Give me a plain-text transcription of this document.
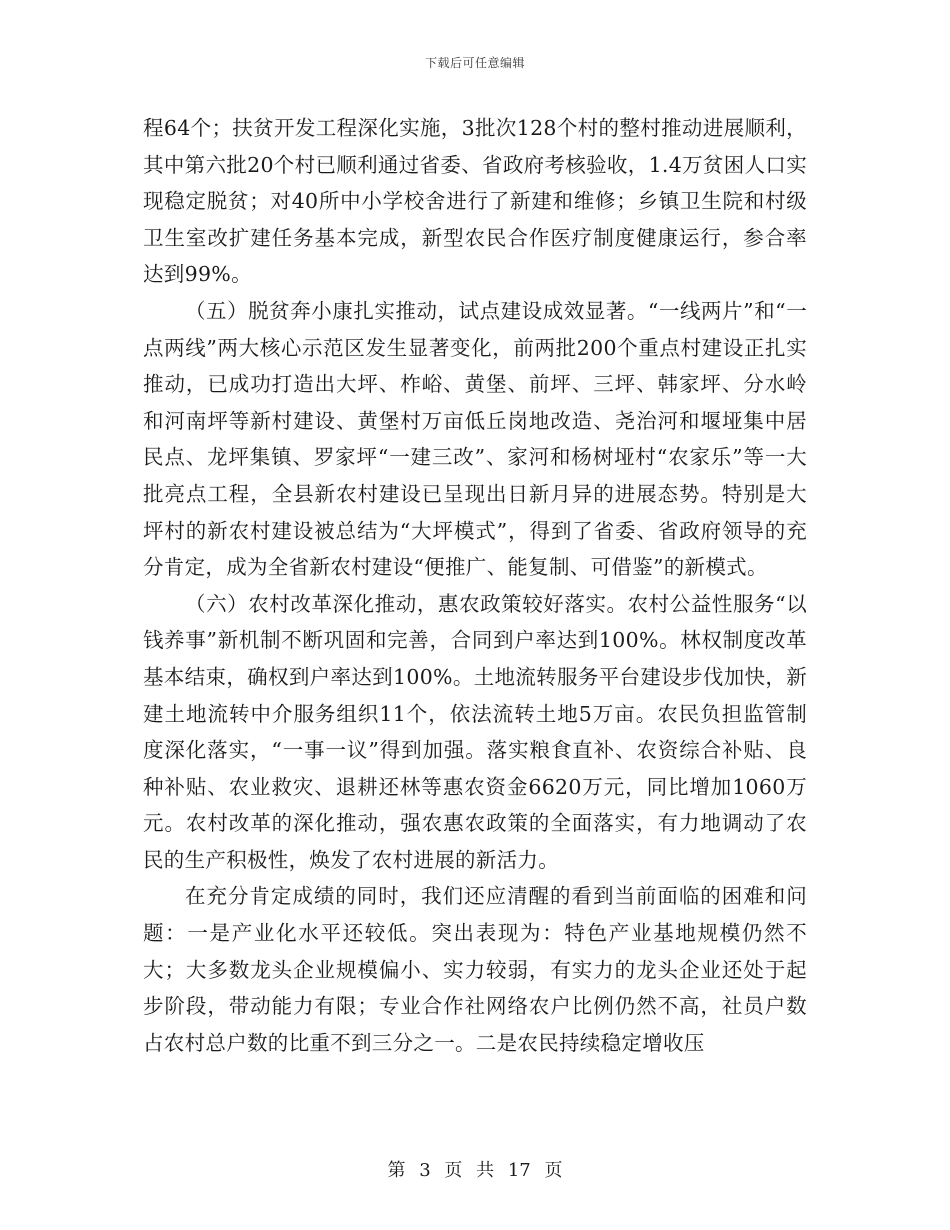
下载后可任意编辑

程64个；扶贫开发工程深化实施，3批次128个村的整村推动进展顺利，其中第六批20个村已顺利通过省委、省政府考核验收，1.4万贫困人口实现稳定脱贫；对40所中小学校舍进行了新建和维修；乡镇卫生院和村级卫生室改扩建任务基本完成，新型农民合作医疗制度健康运行，参合率达到99%。

（五）脱贫奔小康扎实推动，试点建设成效显著。“一线两片”和“一点两线”两大核心示范区发生显著变化，前两批200个重点村建设正扎实推动，已成功打造出大坪、柞峪、黄堡、前坪、三坪、韩家坪、分水岭和河南坪等新村建设、黄堡村万亩低丘岗地改造、尧治河和堰垭集中居民点、龙坪集镇、罗家坪“一建三改”、家河和杨树垭村“农家乐”等一大批亮点工程，全县新农村建设已呈现出日新月异的进展态势。特别是大坪村的新农村建设被总结为“大坪模式”，得到了省委、省政府领导的充分肯定，成为全省新农村建设“便推广、能复制、可借鉴”的新模式。

（六）农村改革深化推动，惠农政策较好落实。农村公益性服务“以钱养事”新机制不断巩固和完善，合同到户率达到100%。林权制度改革基本结束，确权到户率达到100%。土地流转服务平台建设步伐加快，新建土地流转中介服务组织11个，依法流转土地5万亩。农民负担监管制度深化落实，“一事一议”得到加强。落实粮食直补、农资综合补贴、良种补贴、农业救灾、退耕还林等惠农资金6620万元，同比增加1060万元。农村改革的深化推动，强农惠农政策的全面落实，有力地调动了农民的生产积极性，焕发了农村进展的新活力。

在充分肯定成绩的同时，我们还应清醒的看到当前面临的困难和问题：一是产业化水平还较低。突出表现为：特色产业基地规模仍然不大；大多数龙头企业规模偏小、实力较弱，有实力的龙头企业还处于起步阶段，带动能力有限；专业合作社网络农户比例仍然不高，社员户数占农村总户数的比重不到三分之一。二是农民持续稳定增收压

第 3 页 共 17 页
